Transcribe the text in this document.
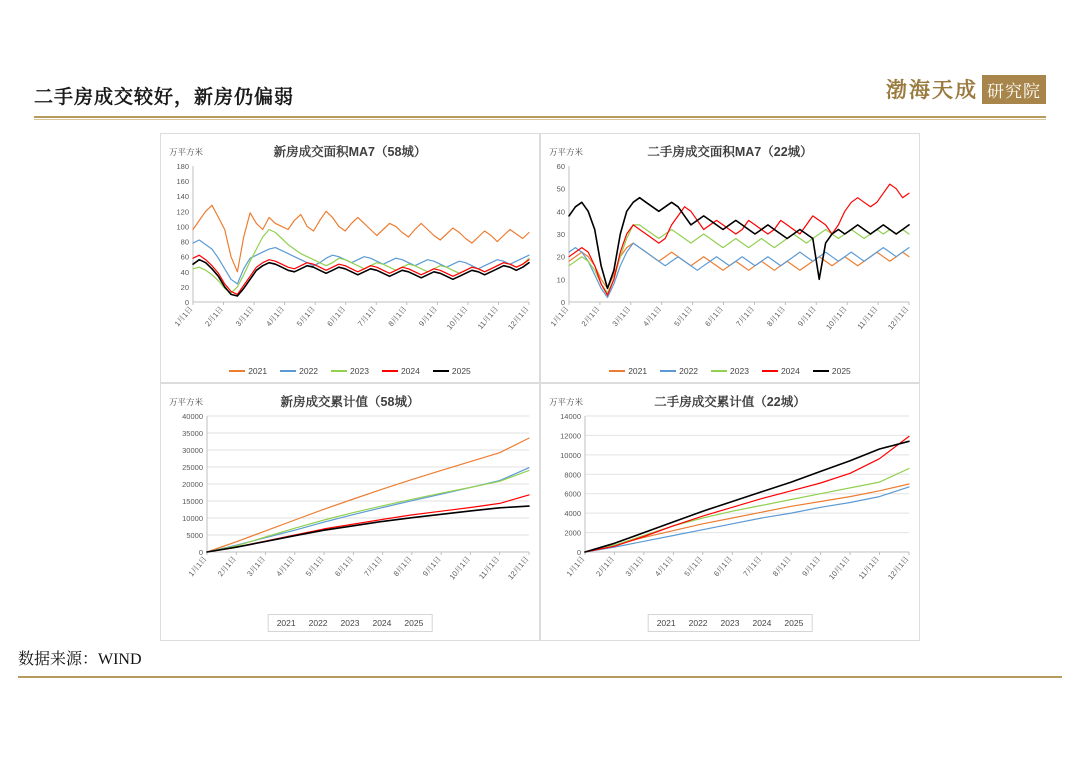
二手房成交较好，新房仍偏弱	渤海天成 研究院
万平方米	新房成交面积MA7（58城）
0
20
40
60
80
100
120
140
160
180
1月1日 2月1日 3月1日 4月1日 5月1日 6月1日 7月1日 8月1日 9月1日 10月1日 11月1日 12月1日
2021	2022	2023	2024	2025
万平方米	二手房成交面积MA7（22城）
0
10
20
30
40
50
60
1月1日 2月1日 3月1日 4月1日 5月1日 6月1日 7月1日 8月1日 9月1日 10月1日 11月1日 12月1日
2021	2022	2023	2024	2025
万平方米	新房成交累计值（58城）
0
5000
10000
15000
20000
25000
30000
35000
40000
1月1日 2月1日 3月1日 4月1日 5月1日 6月1日 7月1日 8月1日 9月1日 10月1日 11月1日 12月1日
2021 2022 2023 2024 2025
万平方米	二手房成交累计值（22城）
0
2000
4000
6000
8000
10000
12000
14000
1月1日 2月1日 3月1日 4月1日 5月1日 6月1日 7月1日 8月1日 9月1日 10月1日 11月1日 12月1日
2021 2022 2023 2024 2025
数据来源：WIND
